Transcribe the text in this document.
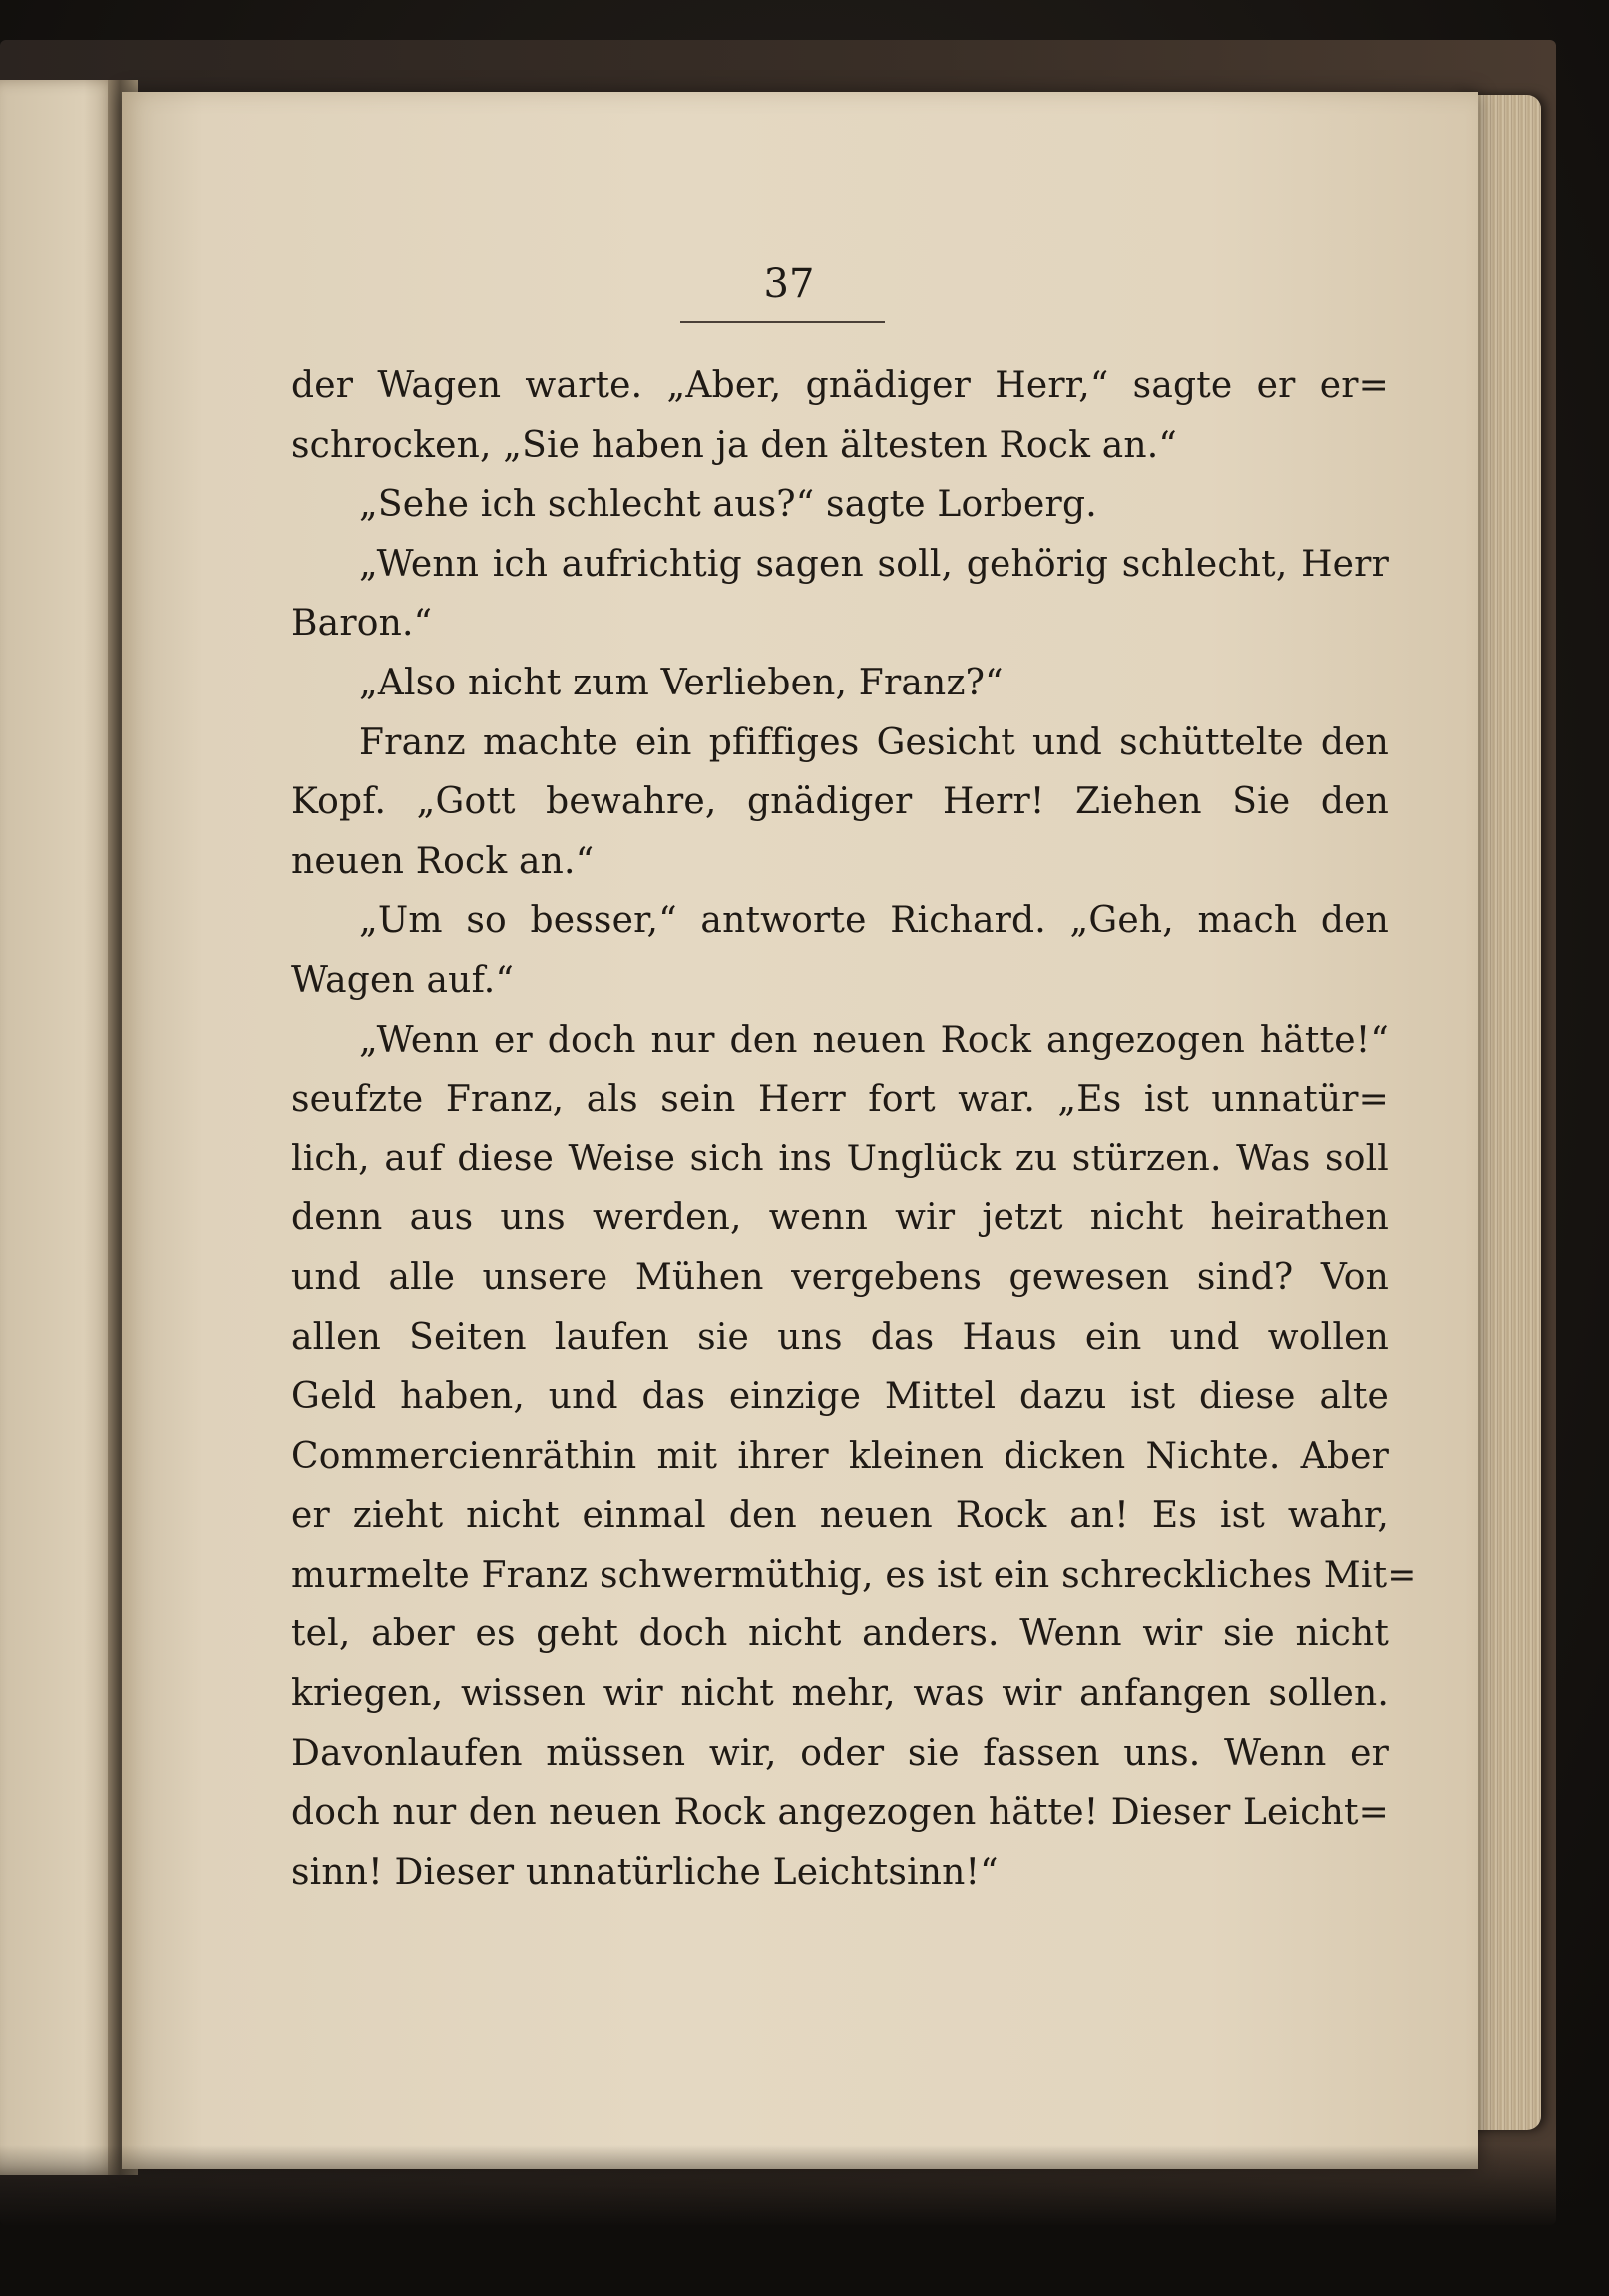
37
der Wagen warte. „Aber, gnädiger Herr,“ sagte er er=
schrocken, „Sie haben ja den ältesten Rock an.“
„Sehe ich schlecht aus?“ sagte Lorberg.
„Wenn ich aufrichtig sagen soll, gehörig schlecht, Herr
Baron.“
„Also nicht zum Verlieben, Franz?“
Franz machte ein pfiffiges Gesicht und schüttelte den
Kopf. „Gott bewahre, gnädiger Herr! Ziehen Sie den
neuen Rock an.“
„Um so besser,“ antworte Richard. „Geh, mach den
Wagen auf.“
„Wenn er doch nur den neuen Rock angezogen hätte!“
seufzte Franz, als sein Herr fort war. „Es ist unnatür=
lich, auf diese Weise sich ins Unglück zu stürzen. Was soll
denn aus uns werden, wenn wir jetzt nicht heirathen
und alle unsere Mühen vergebens gewesen sind? Von
allen Seiten laufen sie uns das Haus ein und wollen
Geld haben, und das einzige Mittel dazu ist diese alte
Commercienräthin mit ihrer kleinen dicken Nichte. Aber
er zieht nicht einmal den neuen Rock an! Es ist wahr,
murmelte Franz schwermüthig, es ist ein schreckliches Mit=
tel, aber es geht doch nicht anders. Wenn wir sie nicht
kriegen, wissen wir nicht mehr, was wir anfangen sollen.
Davonlaufen müssen wir, oder sie fassen uns. Wenn er
doch nur den neuen Rock angezogen hätte! Dieser Leicht=
sinn! Dieser unnatürliche Leichtsinn!“
